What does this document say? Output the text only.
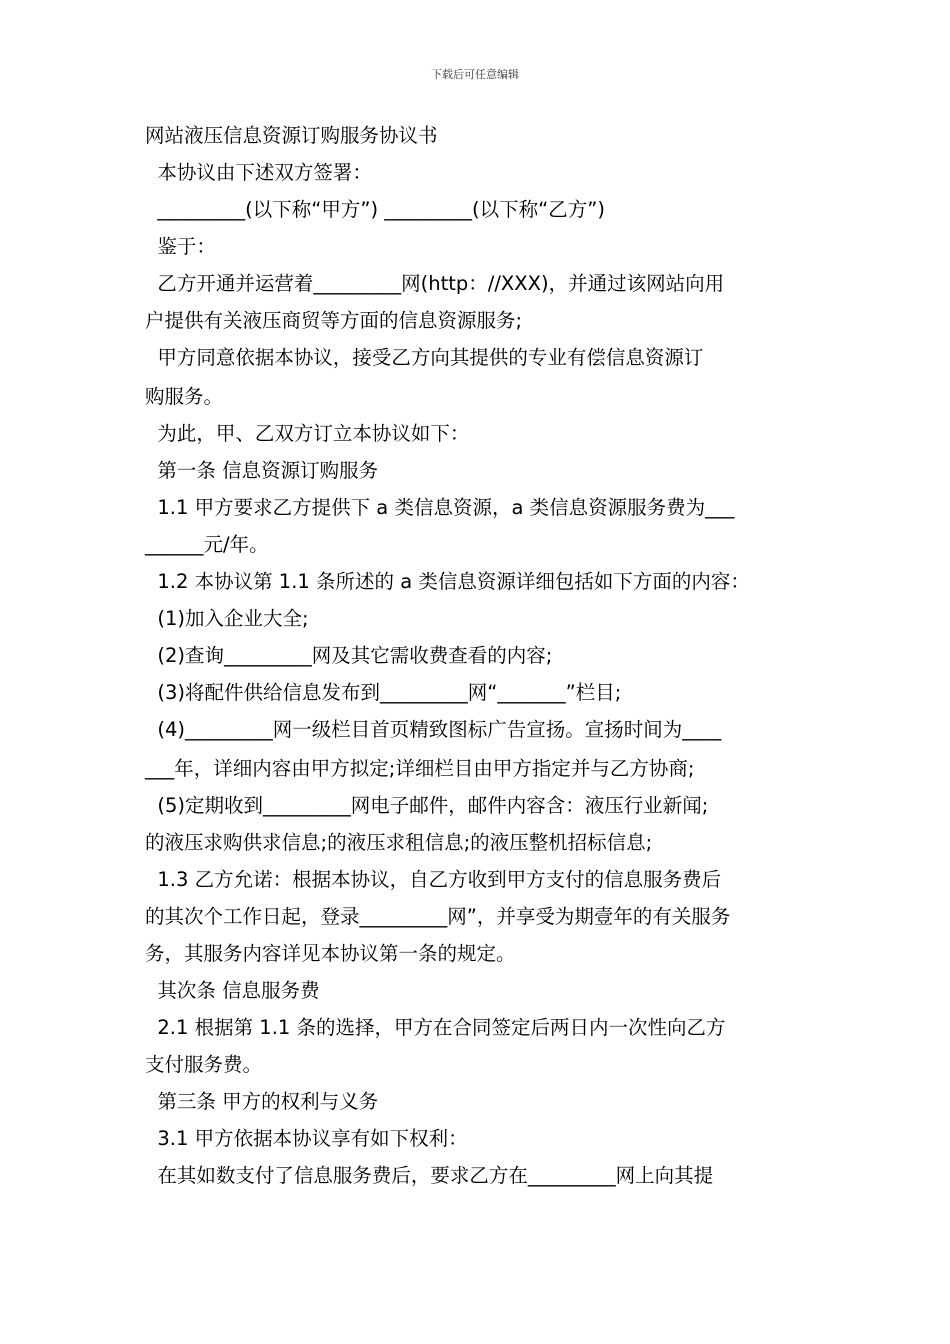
下载后可任意编辑
网站液压信息资源订购服务协议书
本协议由下述双方签署：
_________(以下称“甲方”) _________(以下称“乙方”)
鉴于：
乙方开通并运营着_________网(http：//XXX)，并通过该网站向用
户提供有关液压商贸等方面的信息资源服务;
甲方同意依据本协议，接受乙方向其提供的专业有偿信息资源订
购服务。
为此，甲、乙双方订立本协议如下：
第一条 信息资源订购服务
1.1 甲方要求乙方提供下 a 类信息资源，a 类信息资源服务费为___
______元/年。
1.2 本协议第 1.1 条所述的 a 类信息资源详细包括如下方面的内容：
(1)加入企业大全;
(2)查询_________网及其它需收费查看的内容;
(3)将配件供给信息发布到_________网“_______”栏目;
(4)_________网一级栏目首页精致图标广告宣扬。宣扬时间为____
___年，详细内容由甲方拟定;详细栏目由甲方指定并与乙方协商;
(5)定期收到_________网电子邮件，邮件内容含：液压行业新闻;
的液压求购供求信息;的液压求租信息;的液压整机招标信息;
1.3 乙方允诺：根据本协议，自乙方收到甲方支付的信息服务费后
的其次个工作日起，登录_________网”，并享受为期壹年的有关服务
务，其服务内容详见本协议第一条的规定。
其次条 信息服务费
2.1 根据第 1.1 条的选择，甲方在合同签定后两日内一次性向乙方
支付服务费。
第三条 甲方的权利与义务
3.1 甲方依据本协议享有如下权利：
在其如数支付了信息服务费后，要求乙方在_________网上向其提
